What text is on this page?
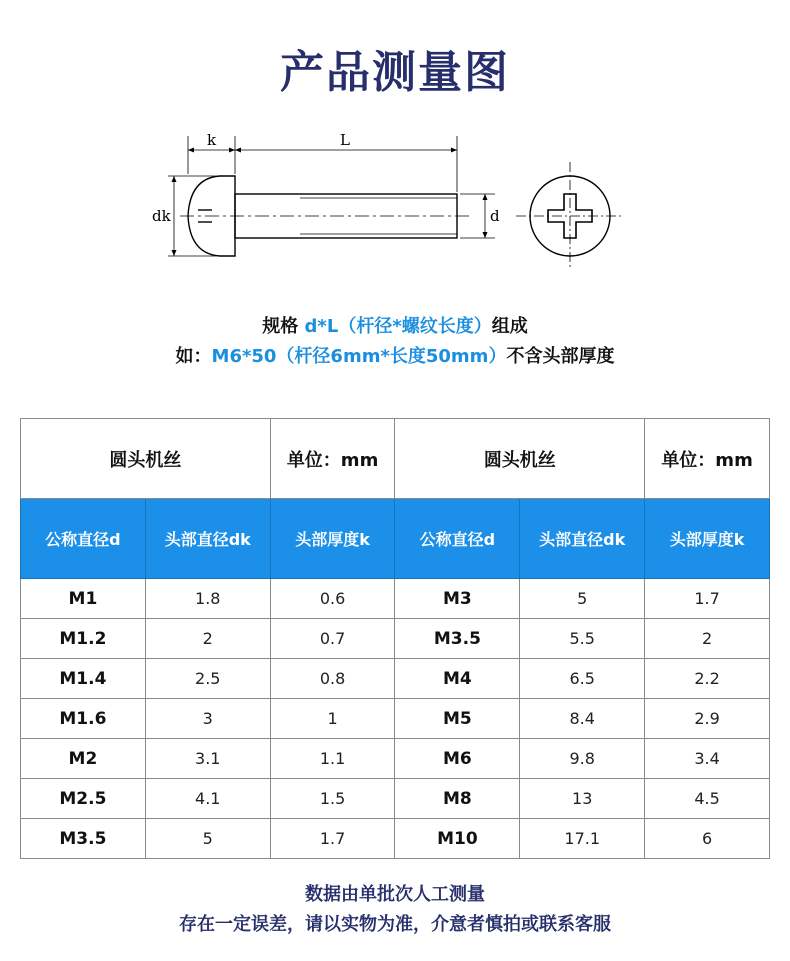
产品测量图
k	L
dk	d
规格 d*L（杆径*螺纹长度）组成
如：M6*50（杆径6mm*长度50mm）不含头部厚度
圆头机丝		单位：mm	圆头机丝		单位：mm
公称直径d	头部直径dk	头部厚度k	公称直径d	头部直径dk	头部厚度k
M1	1.8	0.6	M3	5	1.7
M1.2	2	0.7	M3.5	5.5	2
M1.4	2.5	0.8	M4	6.5	2.2
M1.6	3	1	M5	8.4	2.9
M2	3.1	1.1	M6	9.8	3.4
M2.5	4.1	1.5	M8	13	4.5
M3.5	5	1.7	M10	17.1	6
数据由单批次人工测量
存在一定误差，请以实物为准，介意者慎拍或联系客服
